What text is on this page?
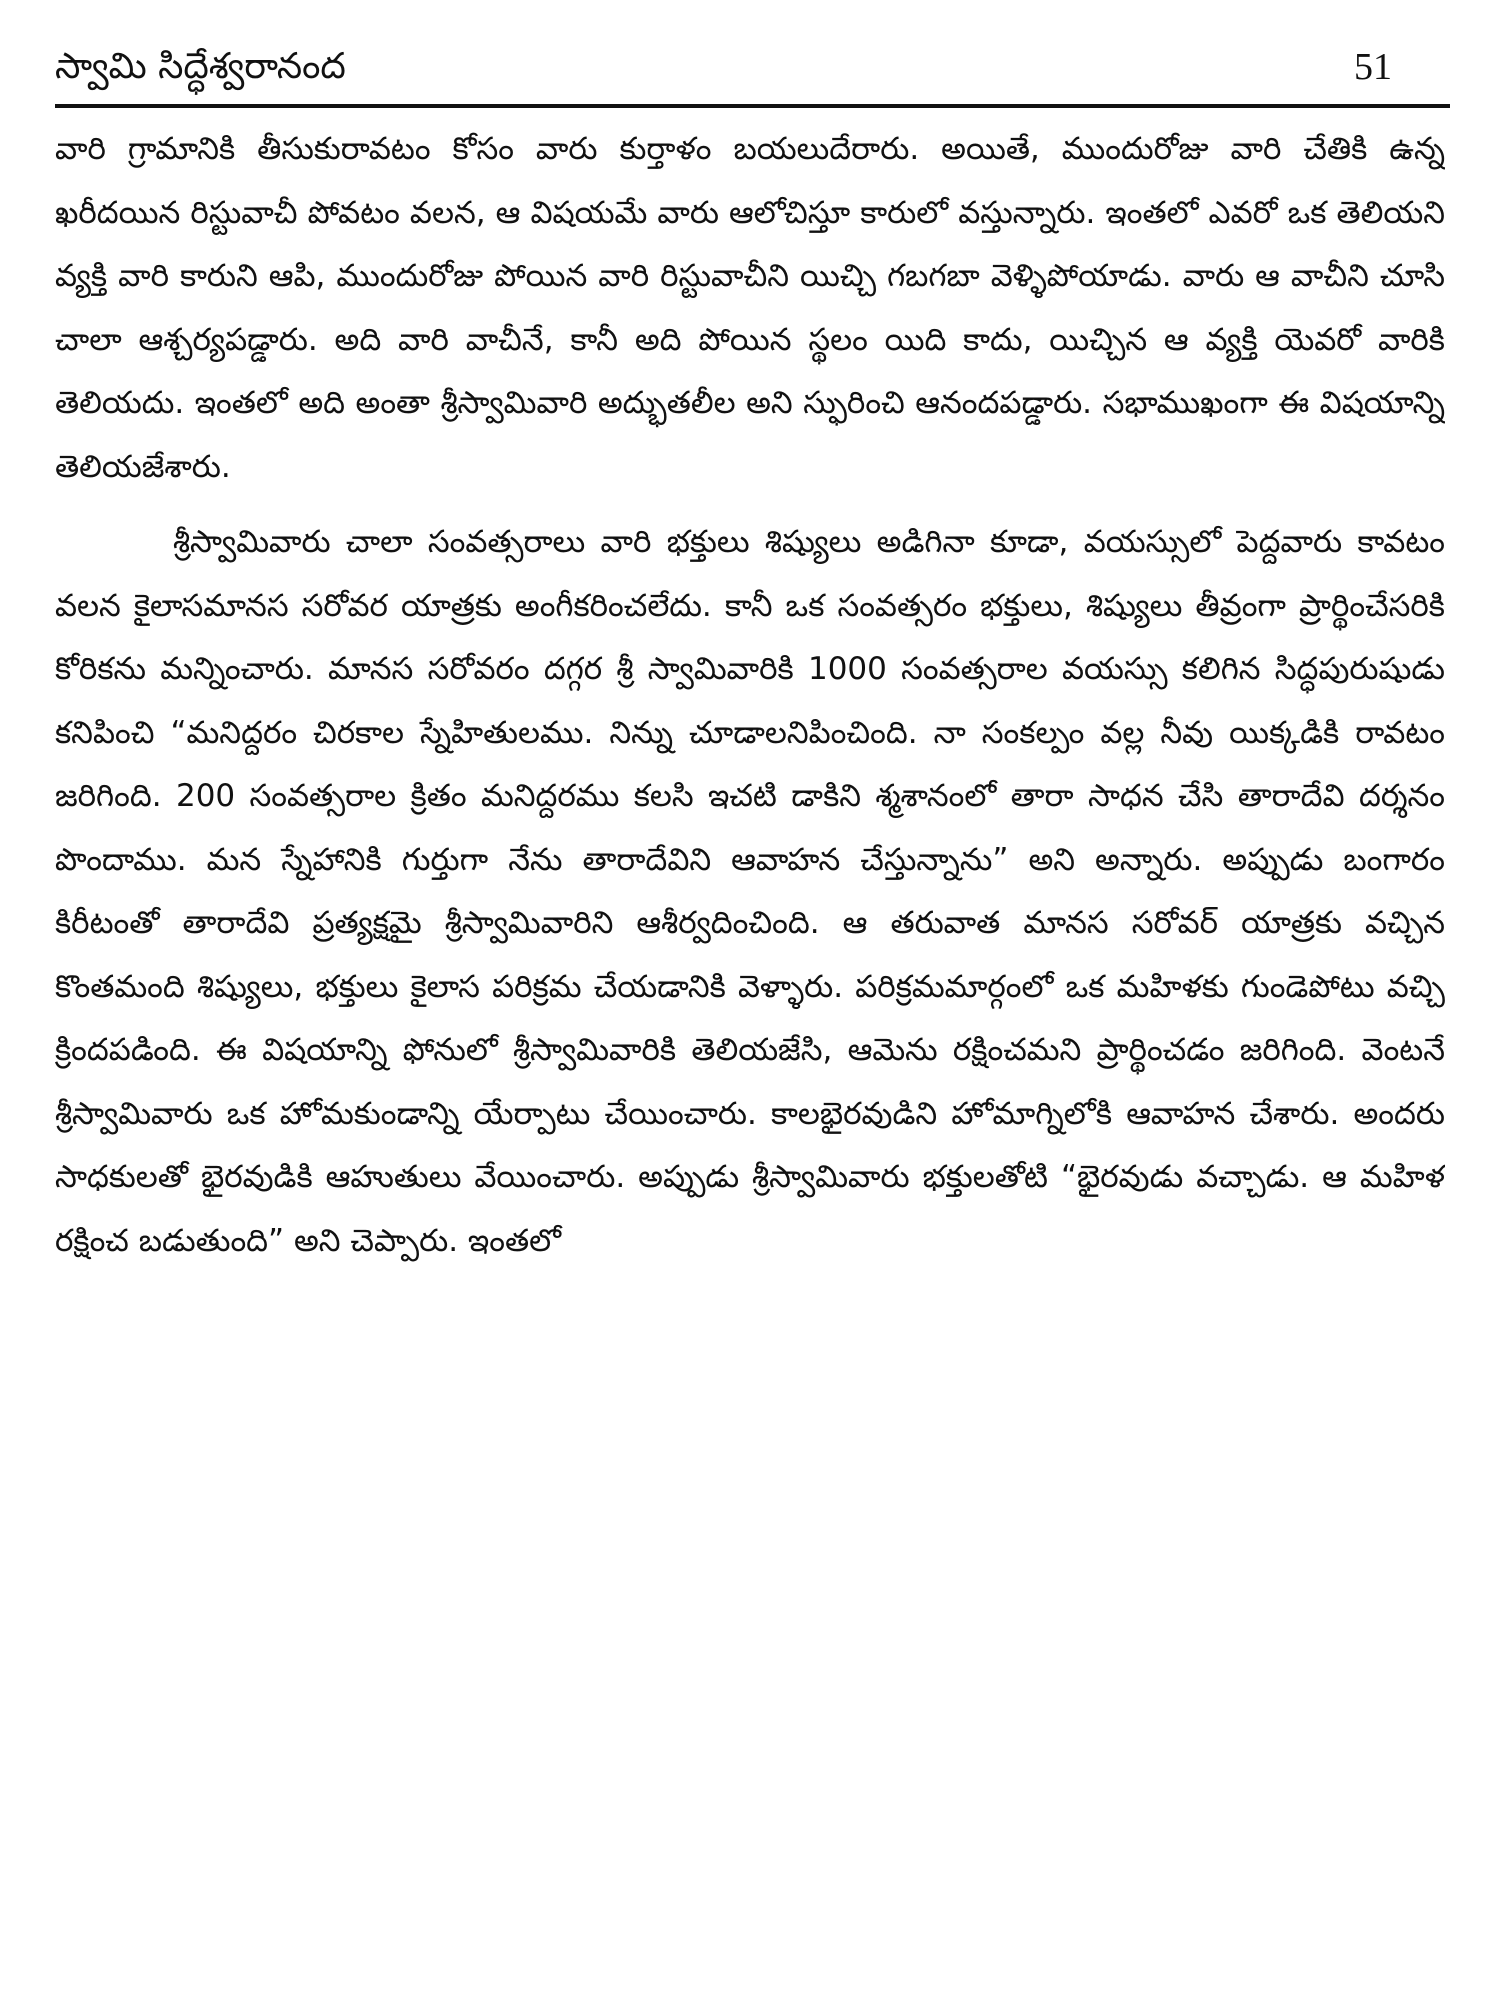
స్వామి సిద్ధేశ్వరానంద	51

వారి గ్రామానికి తీసుకురావటం కోసం వారు కుర్తాళం బయలుదేరారు. అయితే, ముందురోజు వారి చేతికి ఉన్న ఖరీదయిన రిస్టువాచీ పోవటం వలన, ఆ విషయమే వారు ఆలోచిస్తూ కారులో వస్తున్నారు. ఇంతలో ఎవరో ఒక తెలియని వ్యక్తి వారి కారుని ఆపి, ముందురోజు పోయిన వారి రిస్టువాచీని యిచ్చి గబగబా వెళ్ళిపోయాడు. వారు ఆ వాచీని చూసి చాలా ఆశ్చర్యపడ్డారు. అది వారి వాచీనే, కానీ అది పోయిన స్థలం యిది కాదు, యిచ్చిన ఆ వ్యక్తి యెవరో వారికి తెలియదు. ఇంతలో అది అంతా శ్రీస్వామివారి అద్భుతలీల అని స్ఫురించి ఆనందపడ్డారు. సభాముఖంగా ఈ విషయాన్ని తెలియజేశారు.

శ్రీస్వామివారు చాలా సంవత్సరాలు వారి భక్తులు శిష్యులు అడిగినా కూడా, వయస్సులో పెద్దవారు కావటం వలన కైలాసమానస సరోవర యాత్రకు అంగీకరించలేదు. కానీ ఒక సంవత్సరం భక్తులు, శిష్యులు తీవ్రంగా ప్రార్థించేసరికి కోరికను మన్నించారు. మానస సరోవరం దగ్గర శ్రీ స్వామివారికి 1000 సంవత్సరాల వయస్సు కలిగిన సిద్ధపురుషుడు కనిపించి “మనిద్దరం చిరకాల స్నేహితులము. నిన్ను చూడాలనిపించింది. నా సంకల్పం వల్ల నీవు యిక్కడికి రావటం జరిగింది. 200 సంవత్సరాల క్రితం మనిద్దరము కలసి ఇచటి డాకిని శ్మశానంలో తారా సాధన చేసి తారాదేవి దర్శనం పొందాము. మన స్నేహానికి గుర్తుగా నేను తారాదేవిని ఆవాహన చేస్తున్నాను” అని అన్నారు. అప్పుడు బంగారం కిరీటంతో తారాదేవి ప్రత్యక్షమై శ్రీస్వామివారిని ఆశీర్వదించింది. ఆ తరువాత మానస సరోవర్ యాత్రకు వచ్చిన కొంతమంది శిష్యులు, భక్తులు కైలాస పరిక్రమ చేయడానికి వెళ్ళారు. పరిక్రమమార్గంలో ఒక మహిళకు గుండెపోటు వచ్చి క్రిందపడింది. ఈ విషయాన్ని ఫోనులో శ్రీస్వామివారికి తెలియజేసి, ఆమెను రక్షించమని ప్రార్థించడం జరిగింది. వెంటనే శ్రీస్వామివారు ఒక హోమకుండాన్ని యేర్పాటు చేయించారు. కాలభైరవుడిని హోమాగ్నిలోకి ఆవాహన చేశారు. అందరు సాధకులతో భైరవుడికి ఆహుతులు వేయించారు. అప్పుడు శ్రీస్వామివారు భక్తులతోటి “భైరవుడు వచ్చాడు. ఆ మహిళ రక్షించ బడుతుంది” అని చెప్పారు. ఇంతలో
